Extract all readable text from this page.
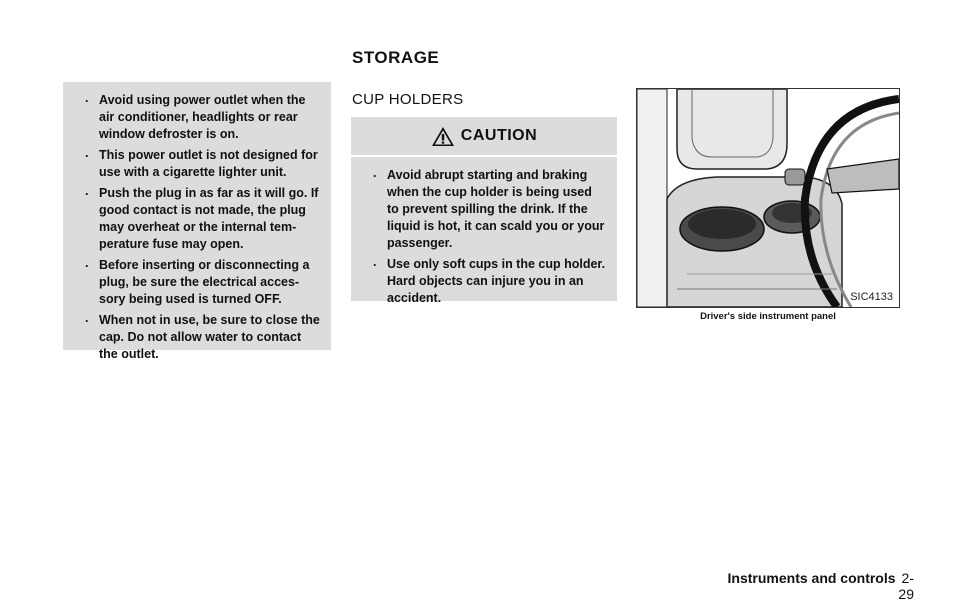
STORAGE
. Avoid using power outlet when the air conditioner, headlights or rear window defroster is on.
. This power outlet is not designed for use with a cigarette lighter unit.
. Push the plug in as far as it will go. If good contact is not made, the plug may overheat or the internal tem- perature fuse may open.
. Before inserting or disconnecting a plug, be sure the electrical acces- sory being used is turned OFF.
. When not in use, be sure to close the cap. Do not allow water to contact the outlet.
CUP HOLDERS
CAUTION
. Avoid abrupt starting and braking when the cup holder is being used to prevent spilling the drink. If the liquid is hot, it can scald you or your passenger.
. Use only soft cups in the cup holder. Hard objects can injure you in an accident.	SIC4133
Driver's side instrument panel
Instruments and controls 2-29
